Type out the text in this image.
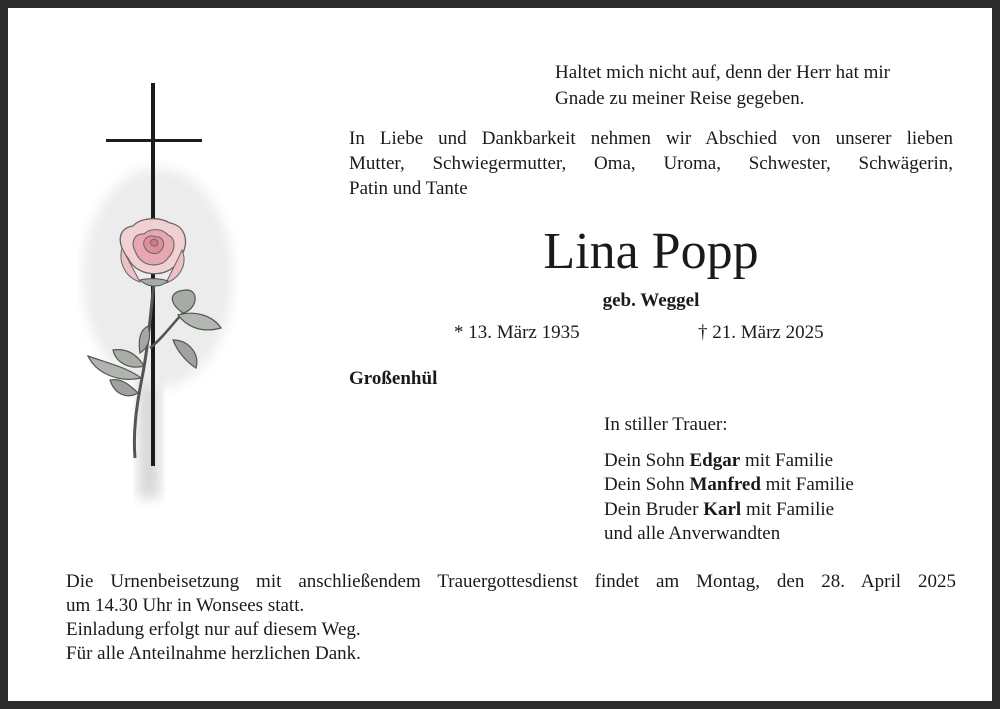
Haltet mich nicht auf, denn der Herr hat mir
Gnade zu meiner Reise gegeben.
In Liebe und Dankbarkeit nehmen wir Abschied von unserer lieben
Mutter, Schwiegermutter, Oma, Uroma, Schwester, Schwägerin,
Patin und Tante
Lina Popp
geb. Weggel
* 13. März 1935	† 21. März 2025
Großenhül
In stiller Trauer:
Dein Sohn Edgar mit Familie
Dein Sohn Manfred mit Familie
Dein Bruder Karl mit Familie
und alle Anverwandten
Die Urnenbeisetzung mit anschließendem Trauergottesdienst findet am Montag, den 28. April 2025
um 14.30 Uhr in Wonsees statt.
Einladung erfolgt nur auf diesem Weg.
Für alle Anteilnahme herzlichen Dank.
